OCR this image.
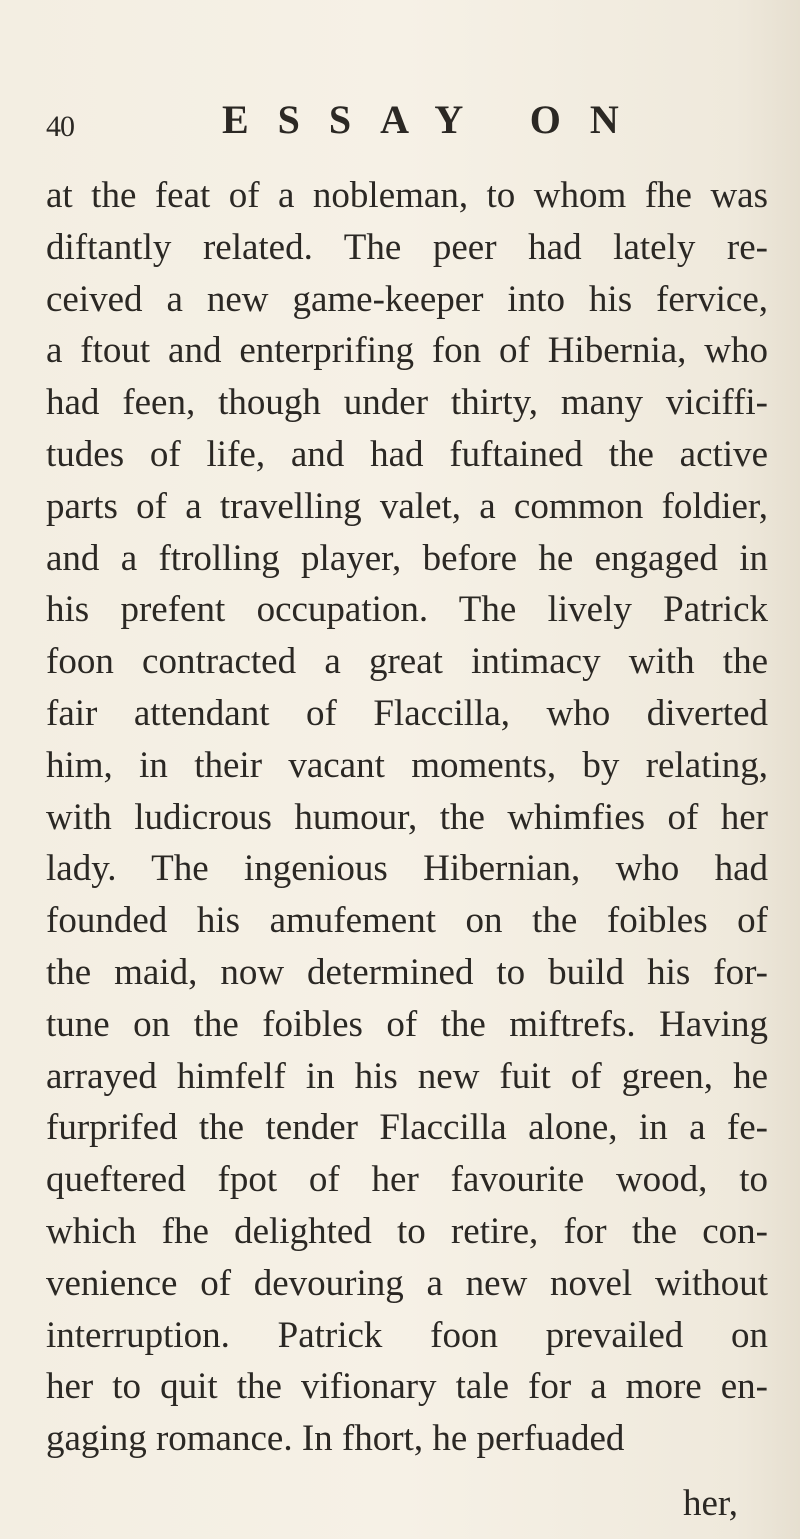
40	ESSAY ON
at the feat of a nobleman, to whom fhe was
diftantly related. The peer had lately re-
ceived a new game-keeper into his fervice,
a ftout and enterprifing fon of Hibernia, who
had feen, though under thirty, many viciffi-
tudes of life, and had fuftained the active
parts of a travelling valet, a common foldier,
and a ftrolling player, before he engaged in
his prefent occupation. The lively Patrick
foon contracted a great intimacy with the
fair attendant of Flaccilla, who diverted
him, in their vacant moments, by relating,
with ludicrous humour, the whimfies of her
lady. The ingenious Hibernian, who had
founded his amufement on the foibles of
the maid, now determined to build his for-
tune on the foibles of the miftrefs. Having
arrayed himfelf in his new fuit of green, he
furprifed the tender Flaccilla alone, in a fe-
queftered fpot of her favourite wood, to
which fhe delighted to retire, for the con-
venience of devouring a new novel without
interruption. Patrick foon prevailed on
her to quit the vifionary tale for a more en-
gaging romance. In fhort, he perfuaded
her,
